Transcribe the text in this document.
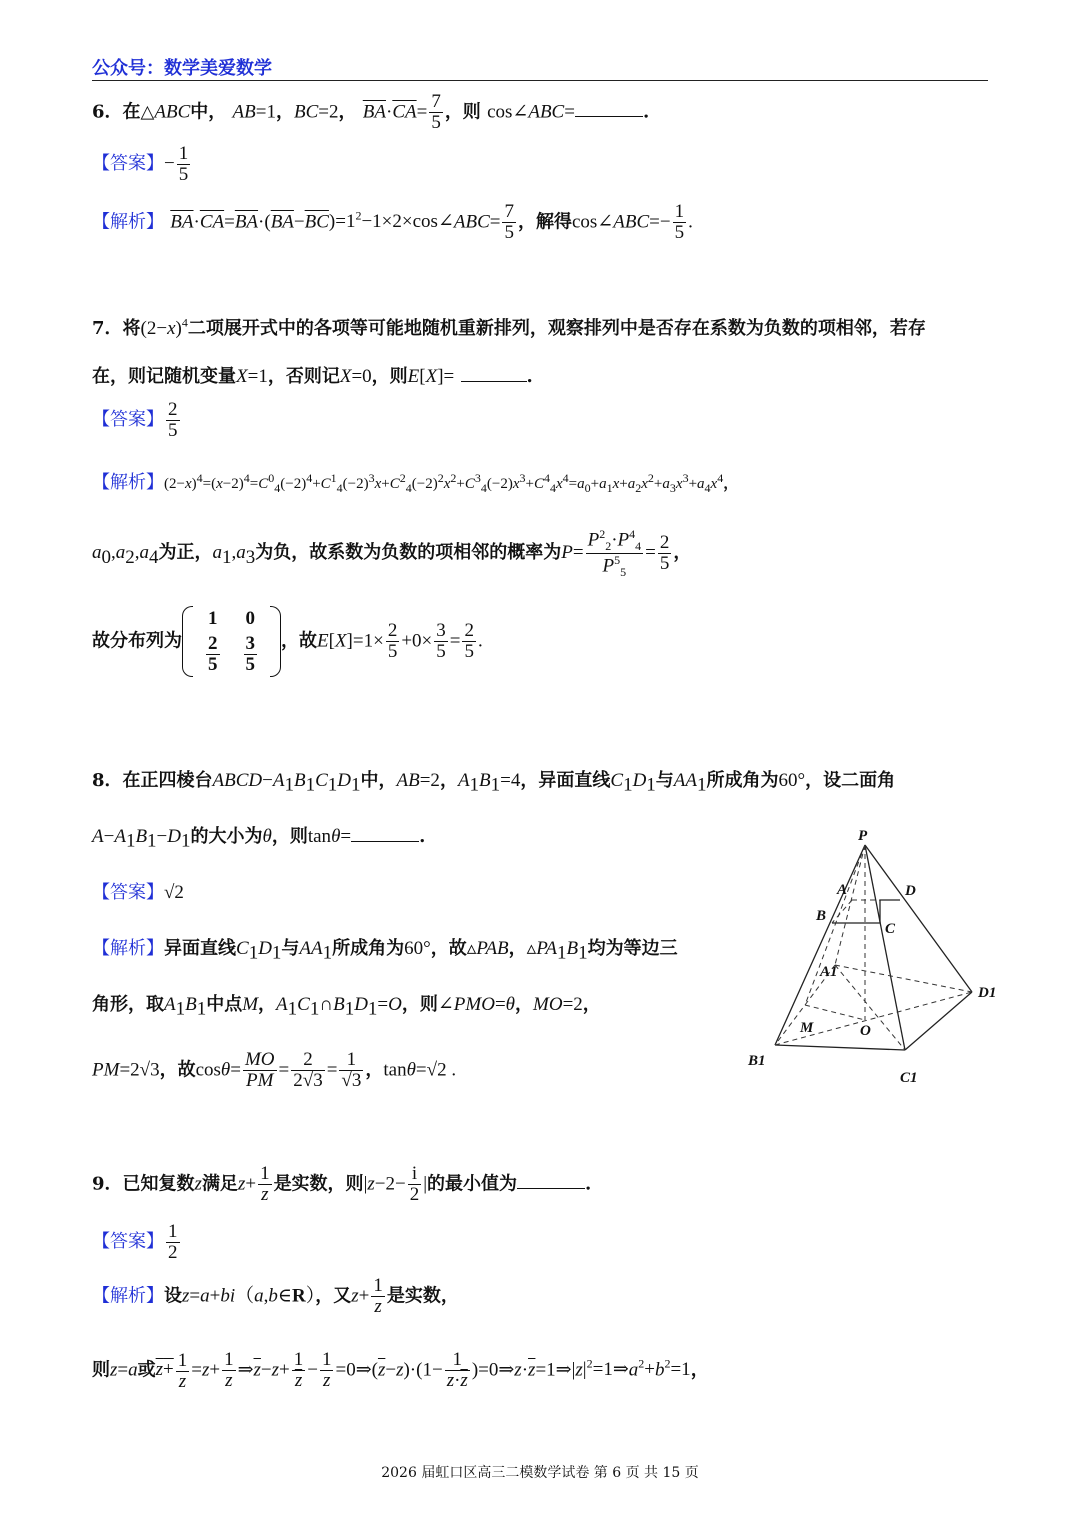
公众号：数学美爱数学
6．在△ABC中， AB=1，BC=2， $\overline{BA}\cdot\overline{CA}= \frac{7}{5}$ ，则 cos∠ABC=	.
【答案】− $\frac{1}{5}$
【解析】 $\overline{BA}\cdot\overline{CA}=\overline{BA}\cdot(\overline{BA}-\overline{BC})=1^2-1\times 2\times\cos\angle ABC= \frac{7}{5}$ ，解得cos∠ABC=− $\frac{1}{5}$ .
7．将$(2-x)^4$二项展开式中的各项等可能地随机重新排列，观察排列中是否存在系数为负数的项相邻，若存
在，则记随机变量X=1，否则记X=0，则E[X]=	.
【答案】 $\frac{2}{5}$
【解析】$(2-x)^4=(x-2)^4=C^0_4(-2)^4+C^1_4(-2)^3x+C^2_4(-2)^2x^2+C^3_4(-2)x^3+C^4_4x^4=a_0+a_1x+a_2x^2+a_3x^3+a_4x^4$，
$a_0,a_2,a_4$为正，$a_1,a_3$为负，故系数为负数的项相邻的概率为$P= \frac{P^2_2\cdot P^4_4}{P^5_5} = \frac{2}{5}$ ，
故分布列为
1	0

$\frac{2}{5}$	$\frac{3}{5}$ ，故$E[X]=1\times \frac{2}{5} +0\times \frac{3}{5} = \frac{2}{5}$ .
8．在正四棱台$ABCD-A_1B_1C_1D_1$中，AB=2，$A_1B_1=4$，异面直线$C_1D_1$与$AA_1$所成角为60°，设二面角
$A-A_1B_1-D_1$的大小为θ，则tanθ=	.
【答案】√2
【解析】异面直线$C_1D_1$与$AA_1$所成角为60°，故▵PAB，$▵PA_1B_1$均为等边三
角形，取$A_1B_1$中点M，$A_1C_1\cap B_1D_1=O$，则∠PMO=θ，MO=2，
PM=2√3，故$\cos\theta= \frac{MO}{PM} = \frac{2}{2√3} = \frac{1}{√3}$ ，tanθ=√2 .
P
A	D
B
C
A1
D1
M	O
B1
C1
9．已知复数z满足$z+ \frac{1}{z}$ 是实数，则$|z-2- \frac{i}{2}$ |的最小值为	.
【答案】 $\frac{1}{2}$
【解析】设z=a+bi（a,b∈R），又$z+ \frac{1}{z}$ 是实数，
则z=a或$z+ \frac{1}{z} =z+ \frac{1}{z}$ $\Rightarrow\overline{z}-z+ \frac{1}{z} - \frac{1}{z}$ $=0\Rightarrow(\overline{z}-z)\cdot(1- \frac{1}{z\cdot\overline{z}}$ )$=0\Rightarrow z\cdot\overline{z}=1\Rightarrow|z|^2=1\Rightarrow a^2+b^2=1$，
2026 届虹口区高三二模数学试卷 第 6 页 共 15 页
